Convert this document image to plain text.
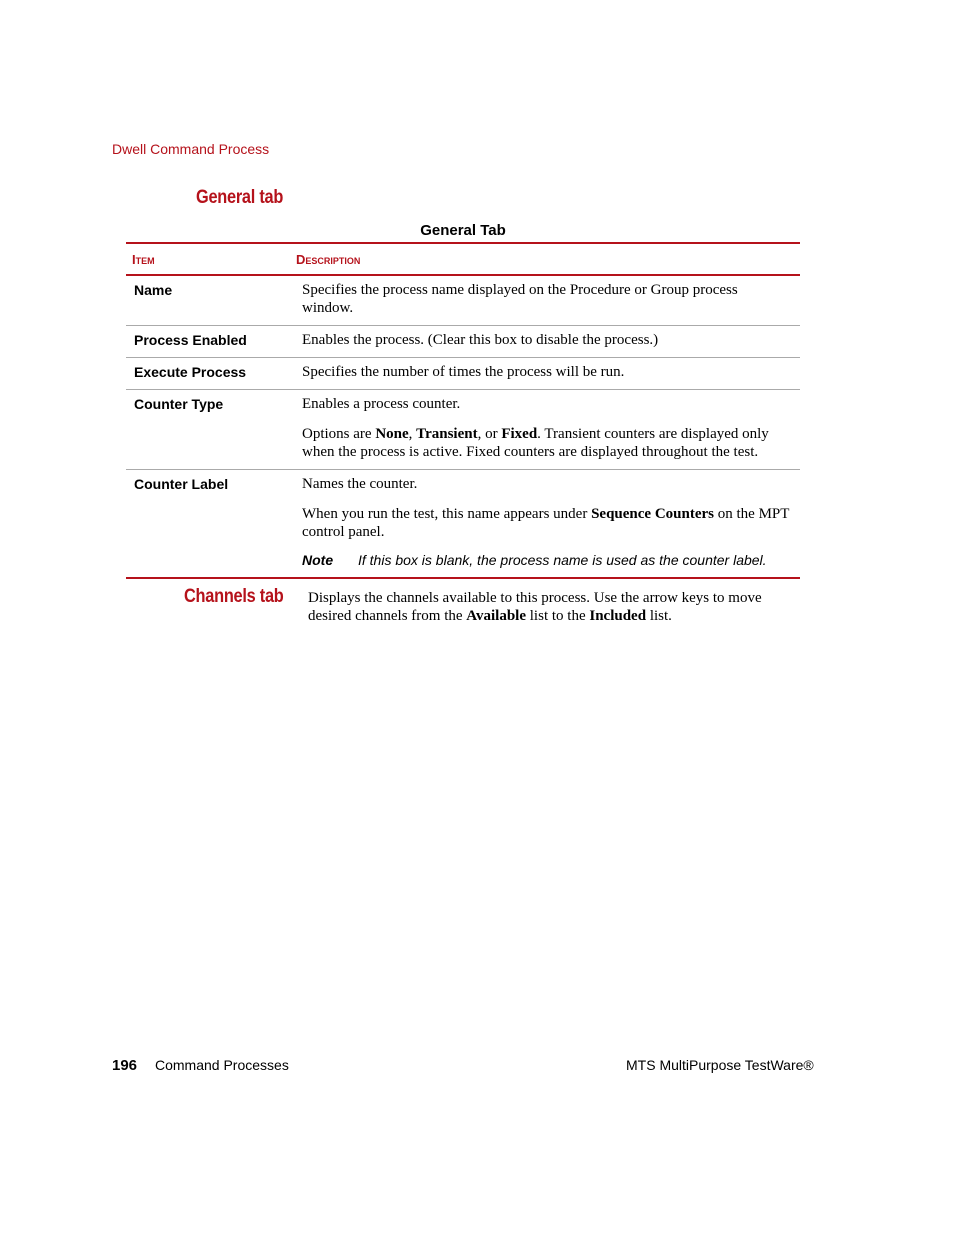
Dwell Command Process
General tab
General Tab
Item	Description
Name	Specifies the process name displayed on the Procedure or Group process window.

Process Enabled	Enables the process. (Clear this box to disable the process.)

Execute Process	Specifies the number of times the process will be run.

Counter Type	Enables a process counter.

Options are None, Transient, or Fixed. Transient counters are displayed only when the process is active. Fixed counters are displayed throughout the test.

Counter Label	Names the counter.

When you run the test, this name appears under Sequence Counters on the MPT control panel.

Note	If this box is blank, the process name is used as the counter label.
Channels tab Displays the channels available to this process. Use the arrow keys to move desired channels from the Available list to the Included list.
196 Command Processes	MTS MultiPurpose TestWare®
